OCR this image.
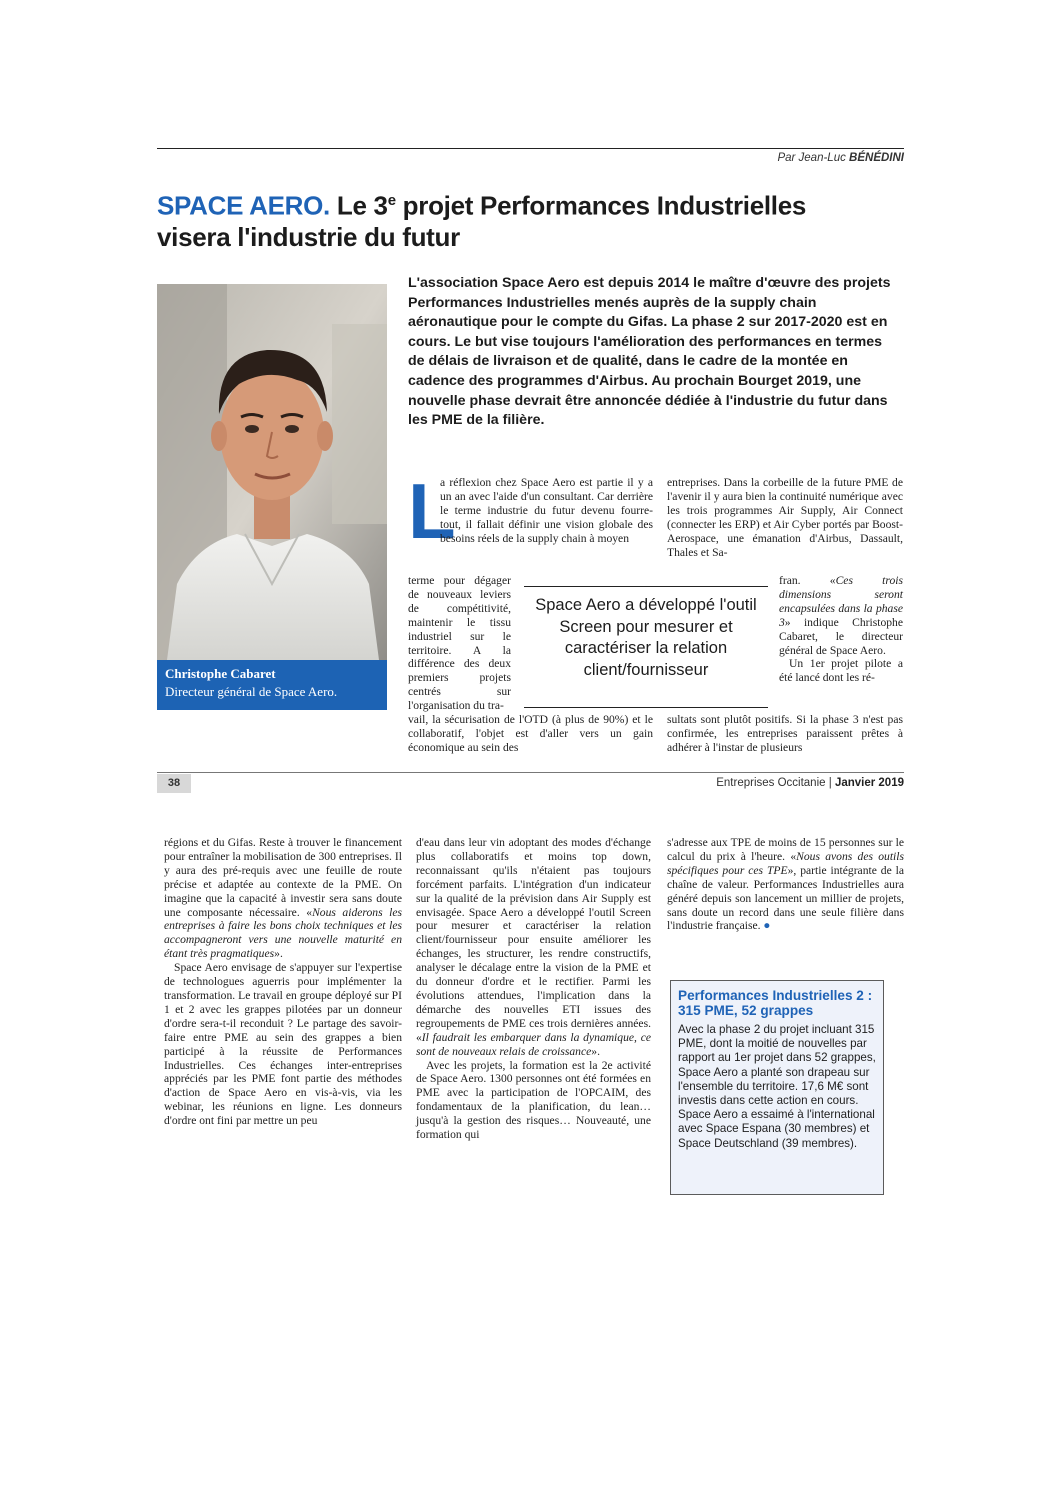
Par Jean-Luc BÉNÉDINI
SPACE AERO. Le 3e projet Performances Industrielles
visera l'industrie du futur
Christophe Cabaret
Directeur général de Space Aero.
L'association Space Aero est depuis 2014 le maître d'œuvre des projets Performances Industrielles menés auprès de la supply chain aéronautique pour le compte du Gifas. La phase 2 sur 2017-2020 est en cours. Le but vise toujours l'amélioration des performances en termes de délais de livraison et de qualité, dans le cadre de la montée en cadence des programmes d'Airbus. Au prochain Bourget 2019, une nouvelle phase devrait être annoncée dédiée à l'industrie du futur dans les PME de la filière.
L
a réflexion chez Space Aero est partie il y a un an avec l'aide d'un consultant. Car derrière le terme industrie du futur devenu fourre-tout, il fallait définir une vision globale des besoins réels de la supply chain à moyen
terme pour dégager de nouveaux leviers de compétitivité, maintenir le tissu industriel sur le territoire. A la différence des deux premiers projets centrés sur l'organisation du tra-
vail, la sécurisation de l'OTD (à plus de 90%) et le collaboratif, l'objet est d'aller vers un gain économique au sein des
entreprises. Dans la corbeille de la future PME de l'avenir il y aura bien la continuité numérique avec les trois programmes Air Supply, Air Connect (connecter les ERP) et Air Cyber portés par Boost-Aerospace, une émanation d'Airbus, Dassault, Thales et Sa-

fran. «Ces trois dimensions seront encapsulées dans la phase 3» indique Christophe Cabaret, le directeur général de Space Aero.

Un 1er projet pilote a été lancé dont les ré-

sultats sont plutôt positifs. Si la phase 3 n'est pas confirmée, les entreprises paraissent prêtes à adhérer à l'instar de plusieurs
Space Aero a développé l'outil Screen pour mesurer et caractériser la relation client/fournisseur
38	Entreprises Occitanie | Janvier 2019

régions et du Gifas. Reste à trouver le financement pour entraîner la mobilisation de 300 entreprises. Il y aura des pré-requis avec une feuille de route précise et adaptée au contexte de la PME. On imagine que la capacité à investir sera sans doute une composante nécessaire. «Nous aiderons les entreprises à faire les bons choix techniques et les accompagneront vers une nouvelle maturité en étant très pragmatiques».

Space Aero envisage de s'appuyer sur l'expertise de technologues aguerris pour implémenter la transformation. Le travail en groupe déployé sur PI 1 et 2 avec les grappes pilotées par un donneur d'ordre sera-t-il reconduit ? Le partage des savoir-faire entre PME au sein des grappes a bien participé à la réussite de Performances Industrielles. Ces échanges inter-entreprises appréciés par les PME font partie des méthodes d'action de Space Aero en vis-à-vis, via les webinar, les réunions en ligne. Les donneurs d'ordre ont fini par mettre un peu

d'eau dans leur vin adoptant des modes d'échange plus collaboratifs et moins top down, reconnaissant qu'ils n'étaient pas toujours forcément parfaits. L'intégration d'un indicateur sur la qualité de la prévision dans Air Supply est envisagée. Space Aero a développé l'outil Screen pour mesurer et caractériser la relation client/fournisseur pour ensuite améliorer les échanges, les structurer, les rendre constructifs, analyser le décalage entre la vision de la PME et du donneur d'ordre et le rectifier. Parmi les évolutions attendues, l'implication dans la démarche des nouvelles ETI issues des regroupements de PME ces trois dernières années. «Il faudrait les embarquer dans la dynamique, ce sont de nouveaux relais de croissance».

Avec les projets, la formation est la 2e activité de Space Aero. 1300 personnes ont été formées en PME avec la participation de l'OPCAIM, des fondamentaux de la planification, du lean…jusqu'à la gestion des risques… Nouveauté, une formation qui

s'adresse aux TPE de moins de 15 personnes sur le calcul du prix à l'heure. «Nous avons des outils spécifiques pour ces TPE», partie intégrante de la chaîne de valeur. Performances Industrielles aura généré depuis son lancement un millier de projets, sans doute un record dans une seule filière dans l'industrie française. ●

Performances Industrielles 2 : 315 PME, 52 grappes
Avec la phase 2 du projet incluant 315 PME, dont la moitié de nouvelles par rapport au 1er projet dans 52 grappes, Space Aero a planté son drapeau sur l'ensemble du territoire. 17,6 M€ sont investis dans cette action en cours. Space Aero a essaimé à l'international avec Space Espana (30 membres) et Space Deutschland (39 membres).
